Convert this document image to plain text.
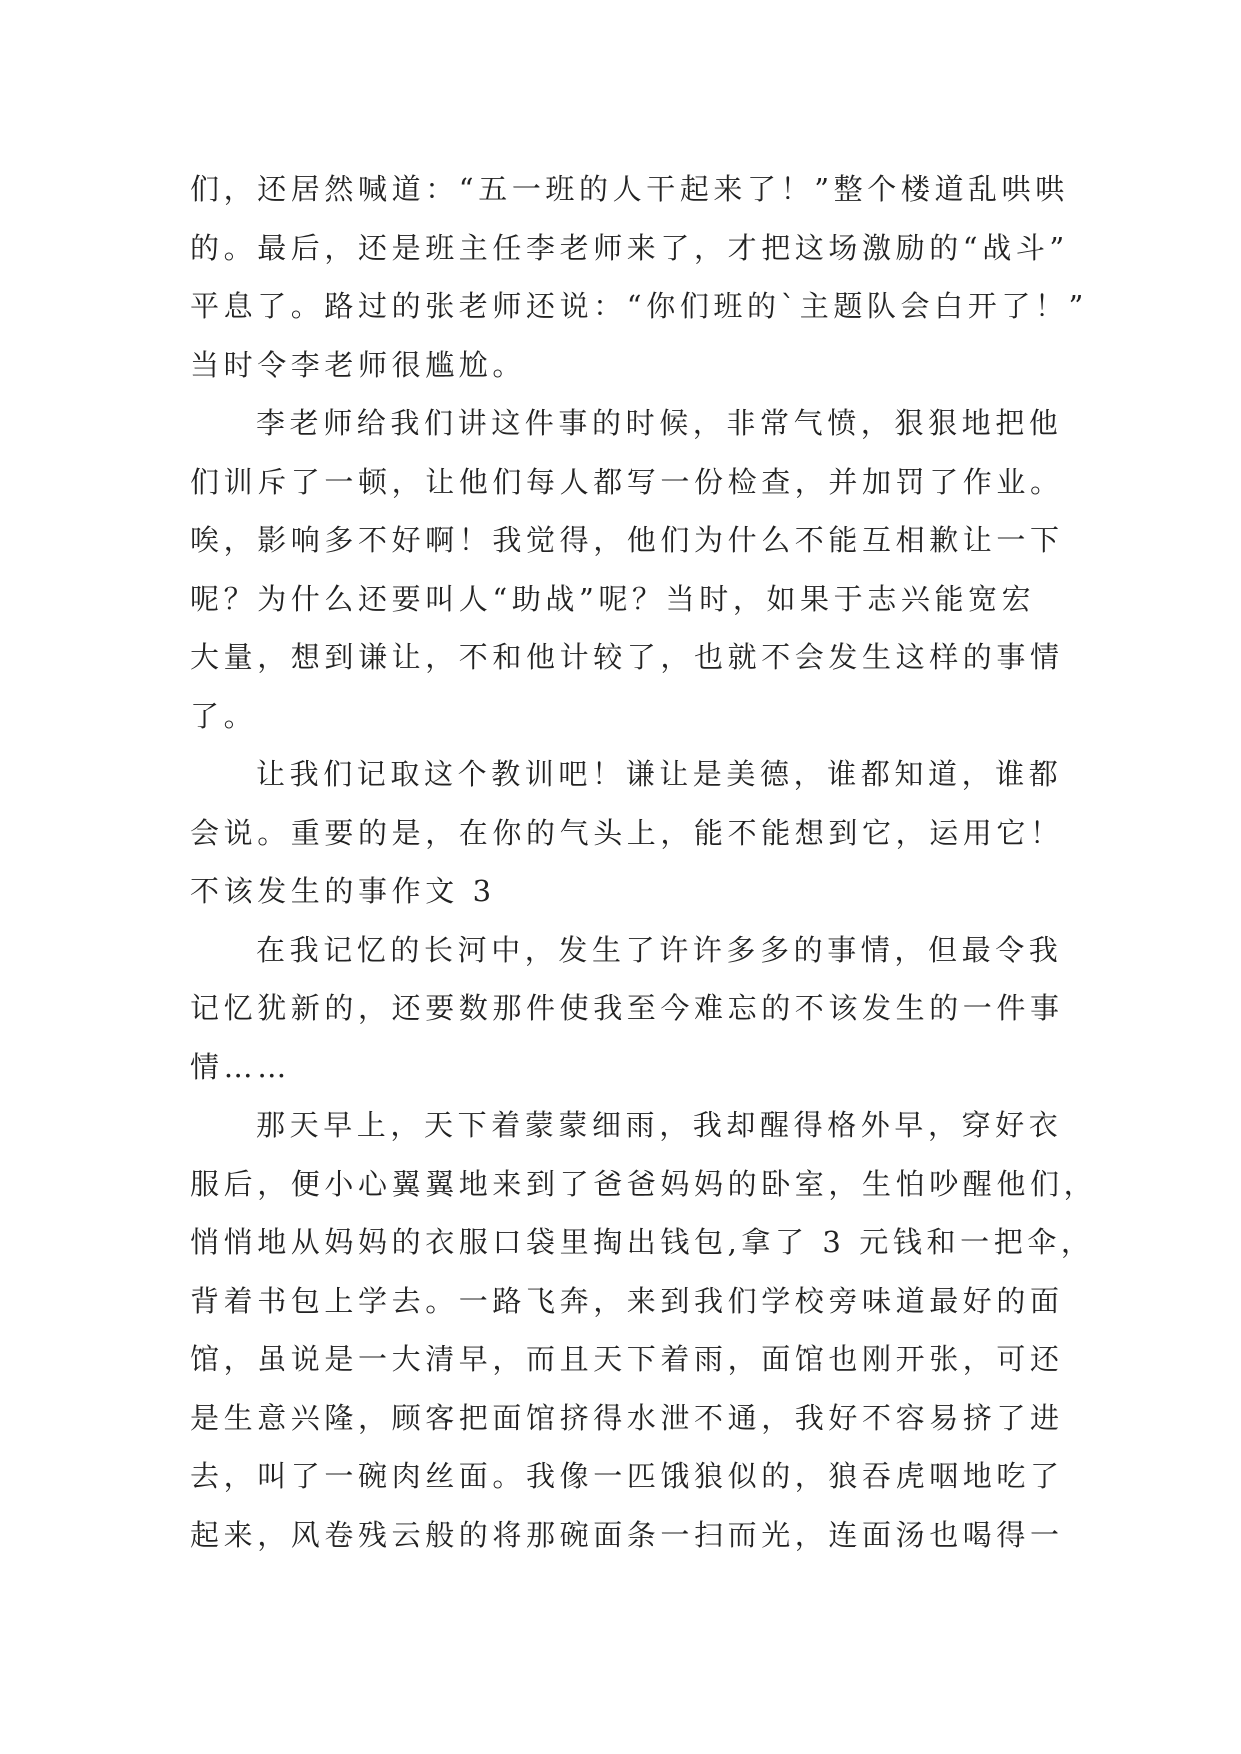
们，还居然喊道：“五一班的人干起来了！”整个楼道乱哄哄
的。最后，还是班主任李老师来了，才把这场激励的“战斗”
平息了。路过的张老师还说：“你们班的`主题队会白开了！”
当时令李老师很尴尬。
李老师给我们讲这件事的时候，非常气愤，狠狠地把他
们训斥了一顿，让他们每人都写一份检查，并加罚了作业。
唉，影响多不好啊！我觉得，他们为什么不能互相歉让一下
呢？为什么还要叫人“助战”呢？当时，如果于志兴能宽宏
大量，想到谦让，不和他计较了，也就不会发生这样的事情
了。
让我们记取这个教训吧！谦让是美德，谁都知道，谁都
会说。重要的是，在你的气头上，能不能想到它，运用它！
不该发生的事作文 3
在我记忆的长河中，发生了许许多多的事情，但最令我
记忆犹新的，还要数那件使我至今难忘的不该发生的一件事
情……
那天早上，天下着蒙蒙细雨，我却醒得格外早，穿好衣
服后，便小心翼翼地来到了爸爸妈妈的卧室，生怕吵醒他们，
悄悄地从妈妈的衣服口袋里掏出钱包,拿了 3 元钱和一把伞，
背着书包上学去。一路飞奔，来到我们学校旁味道最好的面
馆，虽说是一大清早，而且天下着雨，面馆也刚开张，可还
是生意兴隆，顾客把面馆挤得水泄不通，我好不容易挤了进
去，叫了一碗肉丝面。我像一匹饿狼似的，狼吞虎咽地吃了
起来，风卷残云般的将那碗面条一扫而光，连面汤也喝得一
